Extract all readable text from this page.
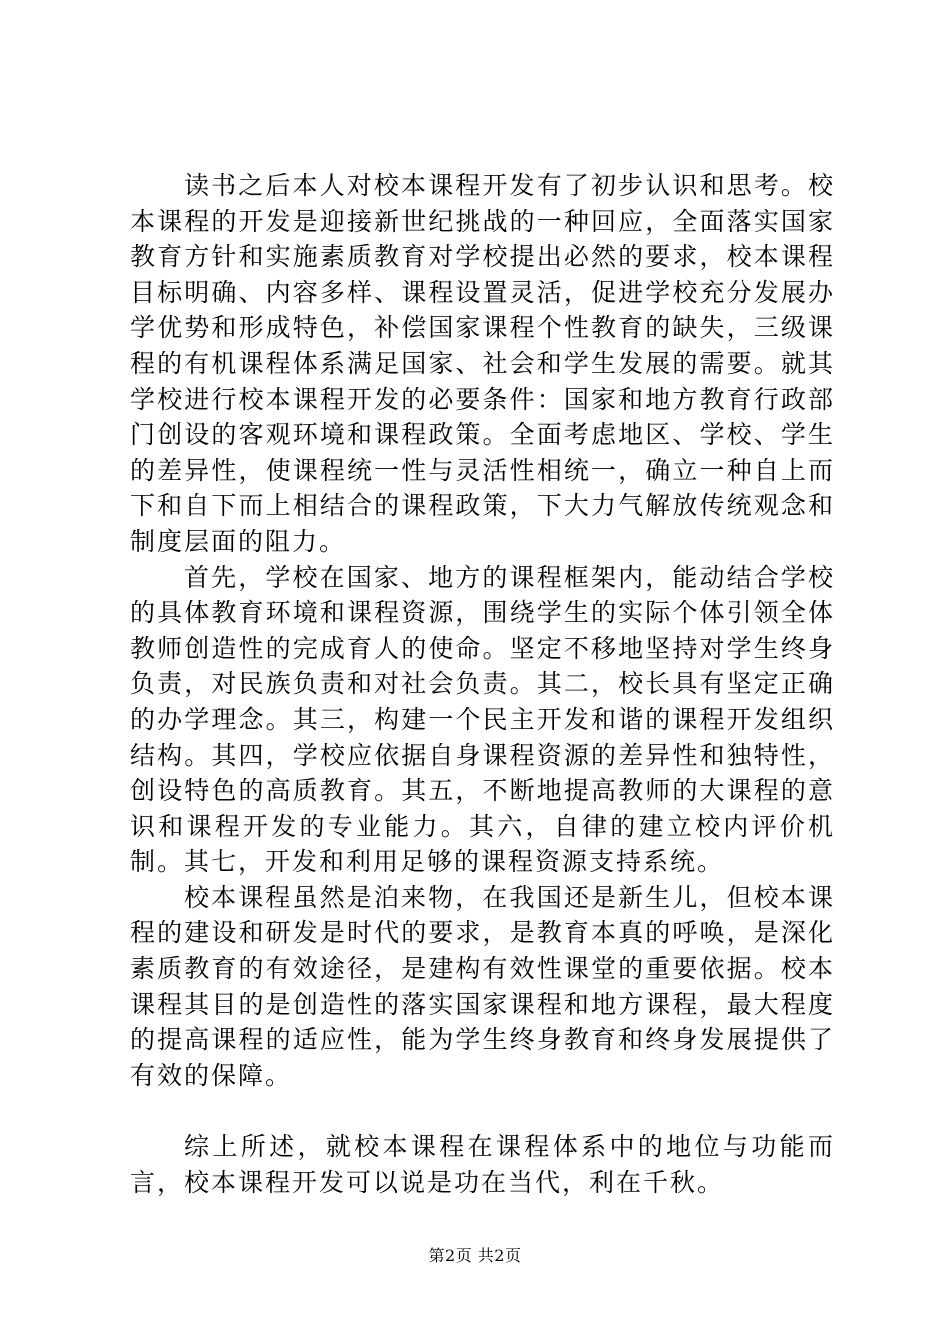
读书之后本人对校本课程开发有了初步认识和思考。校本课程的开发是迎接新世纪挑战的一种回应，全面落实国家教育方针和实施素质教育对学校提出必然的要求，校本课程目标明确、内容多样、课程设置灵活，促进学校充分发展办学优势和形成特色，补偿国家课程个性教育的缺失，三级课程的有机课程体系满足国家、社会和学生发展的需要。就其学校进行校本课程开发的必要条件：国家和地方教育行政部门创设的客观环境和课程政策。全面考虑地区、学校、学生的差异性，使课程统一性与灵活性相统一，确立一种自上而下和自下而上相结合的课程政策，下大力气解放传统观念和制度层面的阻力。

首先，学校在国家、地方的课程框架内，能动结合学校的具体教育环境和课程资源，围绕学生的实际个体引领全体教师创造性的完成育人的使命。坚定不移地坚持对学生终身负责，对民族负责和对社会负责。其二，校长具有坚定正确的办学理念。其三，构建一个民主开发和谐的课程开发组织结构。其四，学校应依据自身课程资源的差异性和独特性，创设特色的高质教育。其五，不断地提高教师的大课程的意识和课程开发的专业能力。其六，自律的建立校内评价机制。其七，开发和利用足够的课程资源支持系统。

校本课程虽然是泊来物，在我国还是新生儿，但校本课程的建设和研发是时代的要求，是教育本真的呼唤，是深化素质教育的有效途径，是建构有效性课堂的重要依据。校本课程其目的是创造性的落实国家课程和地方课程，最大程度的提高课程的适应性，能为学生终身教育和终身发展提供了有效的保障。

综上所述，就校本课程在课程体系中的地位与功能而言，校本课程开发可以说是功在当代，利在千秋。

第2页 共2页
